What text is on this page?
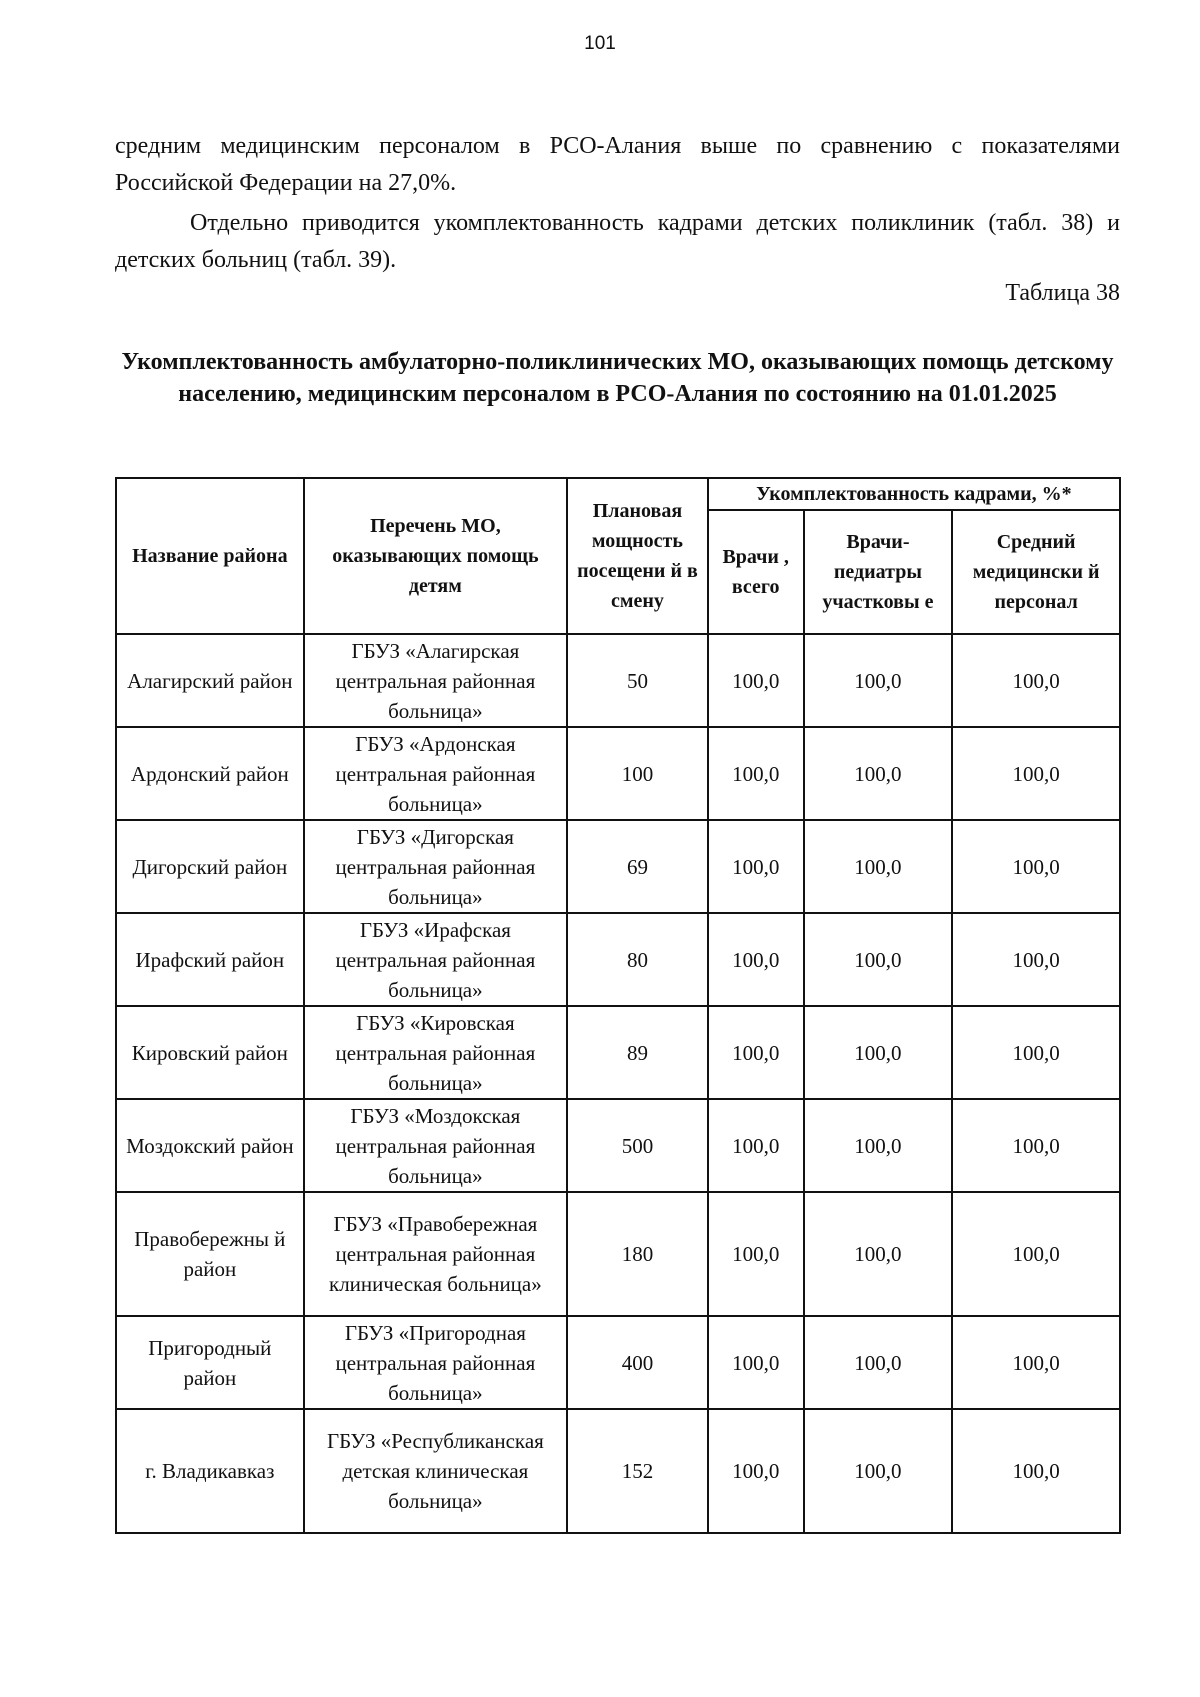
101

средним медицинским персоналом в РСО-Алания выше по сравнению с показателями Российской Федерации на 27,0%.

Отдельно приводится укомплектованность кадрами детских поликлиник (табл. 38) и детских больниц (табл. 39).

Таблица 38
Укомплектованность амбулаторно-поликлинических МО, оказывающих помощь детскому населению, медицинским персоналом в РСО-Алания по состоянию на 01.01.2025
Название района	Перечень МО, оказывающих помощь детям	Плановая мощность посещени й в смену	Укомплектованность кадрами, %*		
			Врачи , всего	Врачи- педиатры участковы е	Средний медицински й персонал
Алагирский район	ГБУЗ «Алагирская центральная районная больница»	50	100,0	100,0	100,0
Ардонский район	ГБУЗ «Ардонская центральная районная больница»	100	100,0	100,0	100,0
Дигорский район	ГБУЗ «Дигорская центральная районная больница»	69	100,0	100,0	100,0
Ирафский район	ГБУЗ «Ирафская центральная районная больница»	80	100,0	100,0	100,0
Кировский район	ГБУЗ «Кировская центральная районная больница»	89	100,0	100,0	100,0
Моздокский район	ГБУЗ «Моздокская центральная районная больница»	500	100,0	100,0	100,0
Правобережны й район	ГБУЗ «Правобережная центральная районная клиническая больница»	180	100,0	100,0	100,0
Пригородный район	ГБУЗ «Пригородная центральная районная больница»	400	100,0	100,0	100,0
г. Владикавказ	ГБУЗ «Республиканская детская клиническая больница»	152	100,0	100,0	100,0
